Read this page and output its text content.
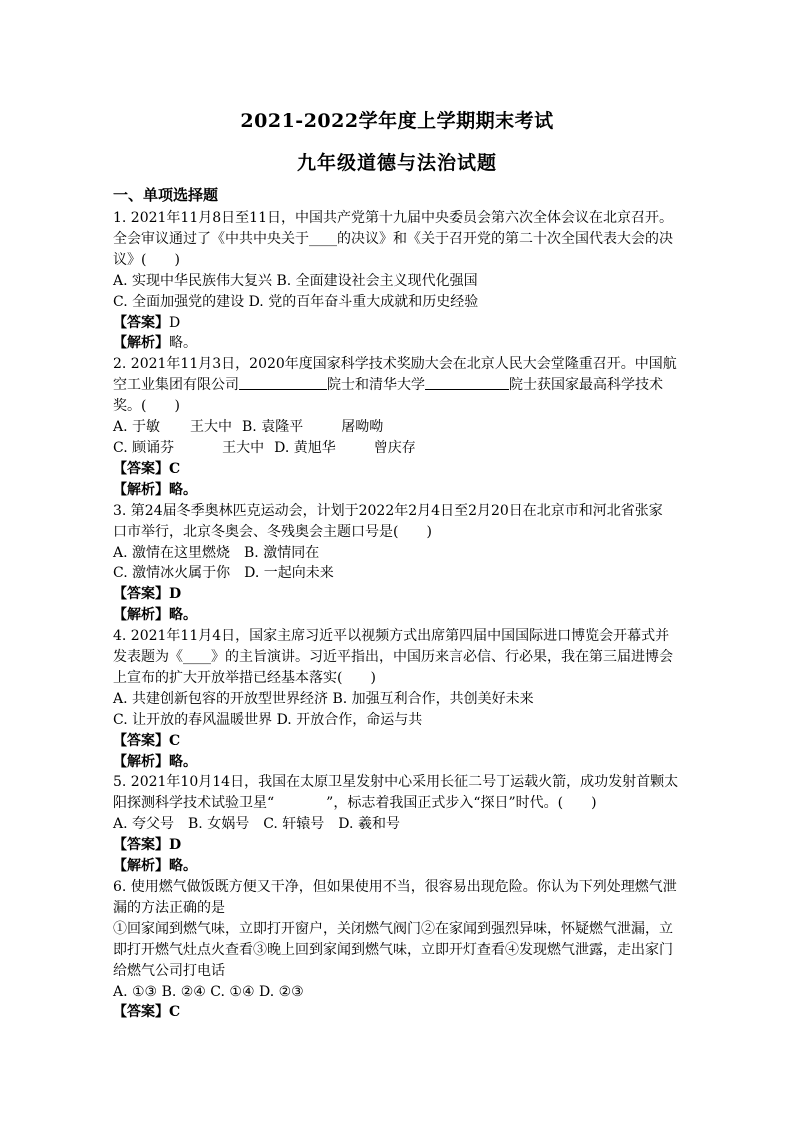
2021-2022学年度上学期期末考试
九年级道德与法治试题
一、单项选择题
1. 2021年11月8日至11日，中国共产党第十九届中央委员会第六次全体会议在北京召开。
全会审议通过了《中共中央关于____的决议》和《关于召开党的第二十次全国代表大会的决
议》(　　)
A. 实现中华民族伟大复兴 B. 全面建设社会主义现代化强国
C. 全面加强党的建设 D. 党的百年奋斗重大成就和历史经验
【答案】D
【解析】略。
2. 2021年11月3日，2020年度国家科学技术奖励大会在北京人民大会堂隆重召开。中国航
空工业集团有限公司	院士和清华大学	院士获国家最高科学技术
奖。(　　)
A. 于敏 王大中 B. 袁隆平	屠呦呦
C. 顾诵芬	王大中 D. 黄旭华	曾庆存
【答案】C
【解析】略。
3. 第24届冬季奥林匹克运动会，计划于2022年2月4日至2月20日在北京市和河北省张家
口市举行，北京冬奥会、冬残奥会主题口号是(　　)
A. 激情在这里燃烧　B. 激情同在
C. 激情冰火属于你　D. 一起向未来
【答案】D
【解析】略。
4. 2021年11月4日，国家主席习近平以视频方式出席第四届中国国际进口博览会开幕式并
发表题为《____》的主旨演讲。习近平指出，中国历来言必信、行必果，我在第三届进博会
上宣布的扩大开放举措已经基本落实(　　)
A. 共建创新包容的开放型世界经济 B. 加强互利合作，共创美好未来
C. 让开放的春风温暖世界 D. 开放合作，命运与共
【答案】C
【解析】略。
5. 2021年10月14日，我国在太原卫星发射中心采用长征二号丁运载火箭，成功发射首颗太
阳探测科学技术试验卫星“	”，标志着我国正式步入“探日”时代。(　　)
A. 夸父号　B. 女娲号　C. 轩辕号　D. 羲和号
【答案】D
【解析】略。
6. 使用燃气做饭既方便又干净，但如果使用不当，很容易出现危险。你认为下列处理燃气泄
漏的方法正确的是
①回家闻到燃气味，立即打开窗户，关闭燃气阀门②在家闻到强烈异味，怀疑燃气泄漏，立
即打开燃气灶点火查看③晚上回到家闻到燃气味，立即开灯查看④发现燃气泄露，走出家门
给燃气公司打电话
A. ①③ B. ②④ C. ①④ D. ②③
【答案】C
